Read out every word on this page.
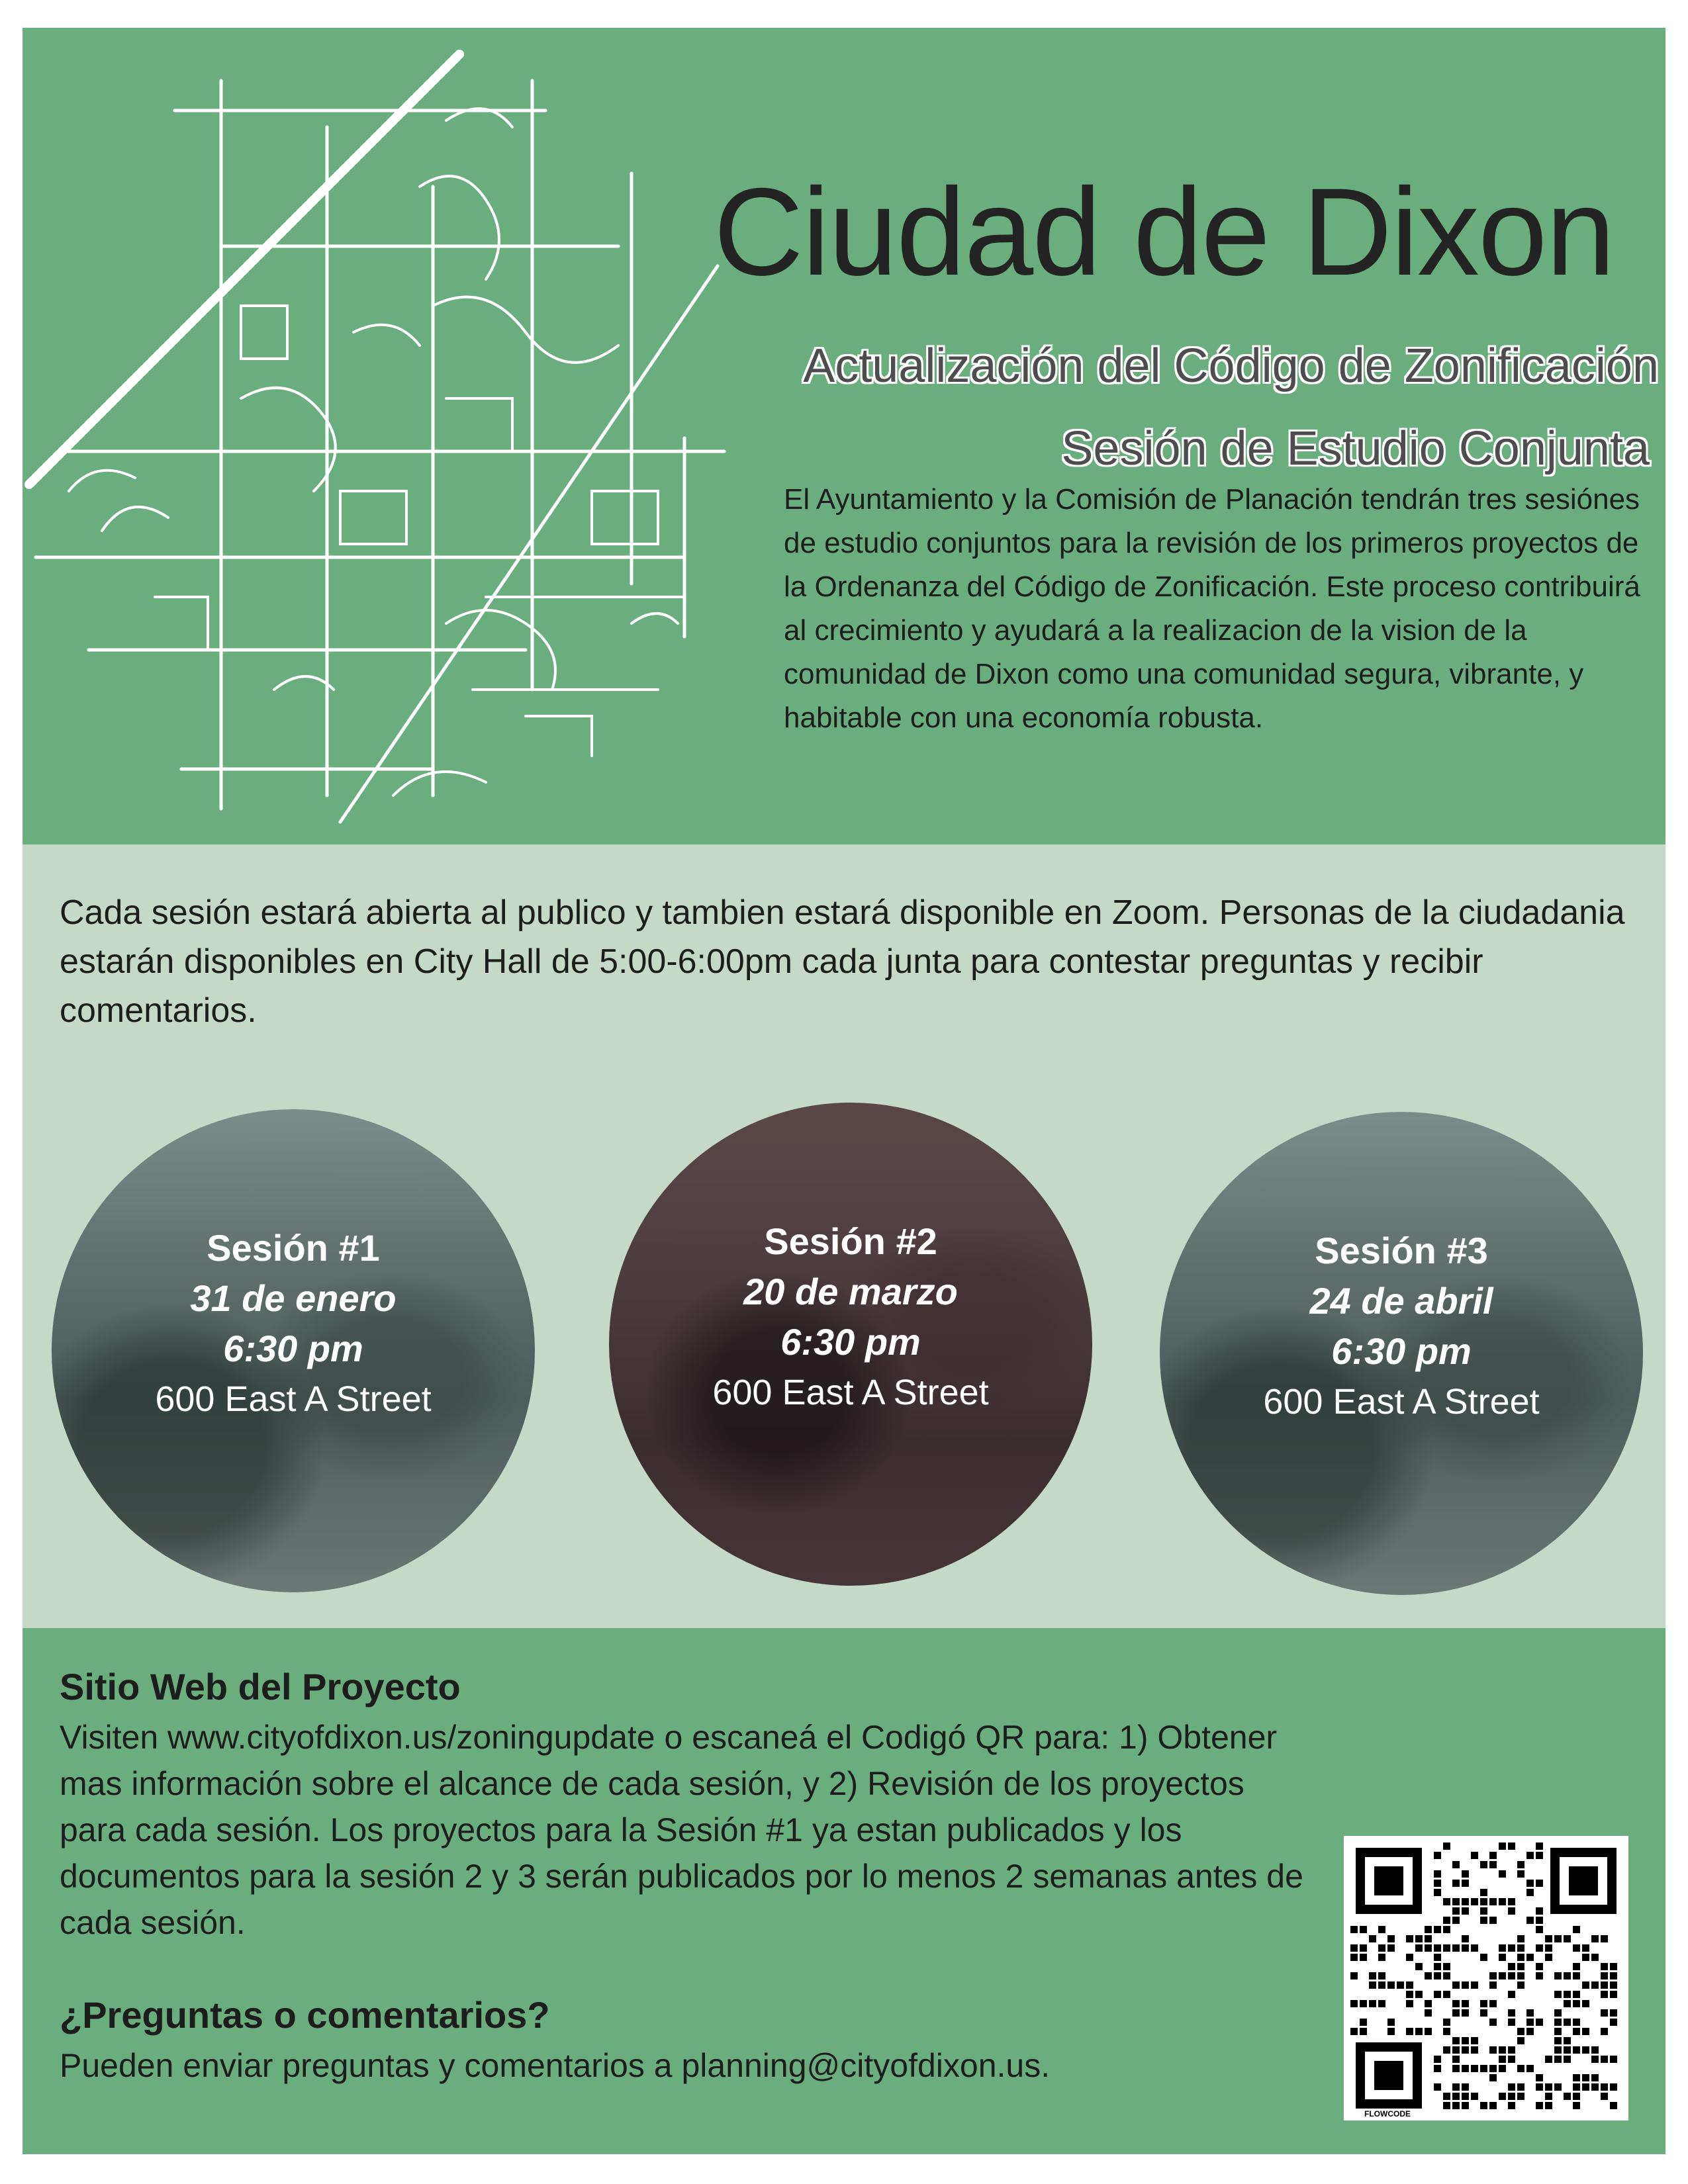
Ciudad de Dixon
Actualización del Código de Zonificación
Sesión de Estudio Conjunta

El Ayuntamiento y la Comisión de Planación tendrán tres sesiónes de estudio conjuntos para la revisión de los primeros proyectos de la Ordenanza del Código de Zonificación. Este proceso contribuirá al crecimiento y ayudará a la realizacion de la vision de la comunidad de Dixon como una comunidad segura, vibrante, y habitable con una economía robusta.

Cada sesión estará abierta al publico y tambien estará disponible en Zoom. Personas de la ciudadania estarán disponibles en City Hall de 5:00-6:00pm cada junta para contestar preguntas y recibir comentarios.

Sesión #1
31 de enero
6:30 pm
600 East A Street
Sesión #2
20 de marzo
6:30 pm
600 East A Street
Sesión #3
24 de abril
6:30 pm
600 East A Street
Sitio Web del Proyecto

Visiten www.cityofdixon.us/zoningupdate o escaneá el Codigó QR para: 1) Obtener mas información sobre el alcance de cada sesión, y 2) Revisión de los proyectos para cada sesión. Los proyectos para la Sesión #1 ya estan publicados y los documentos para la sesión 2 y 3 serán publicados por lo menos 2 semanas antes de cada sesión.

¿Preguntas o comentarios?

Pueden enviar preguntas y comentarios a planning@cityofdixon.us.

FLOWCODE
